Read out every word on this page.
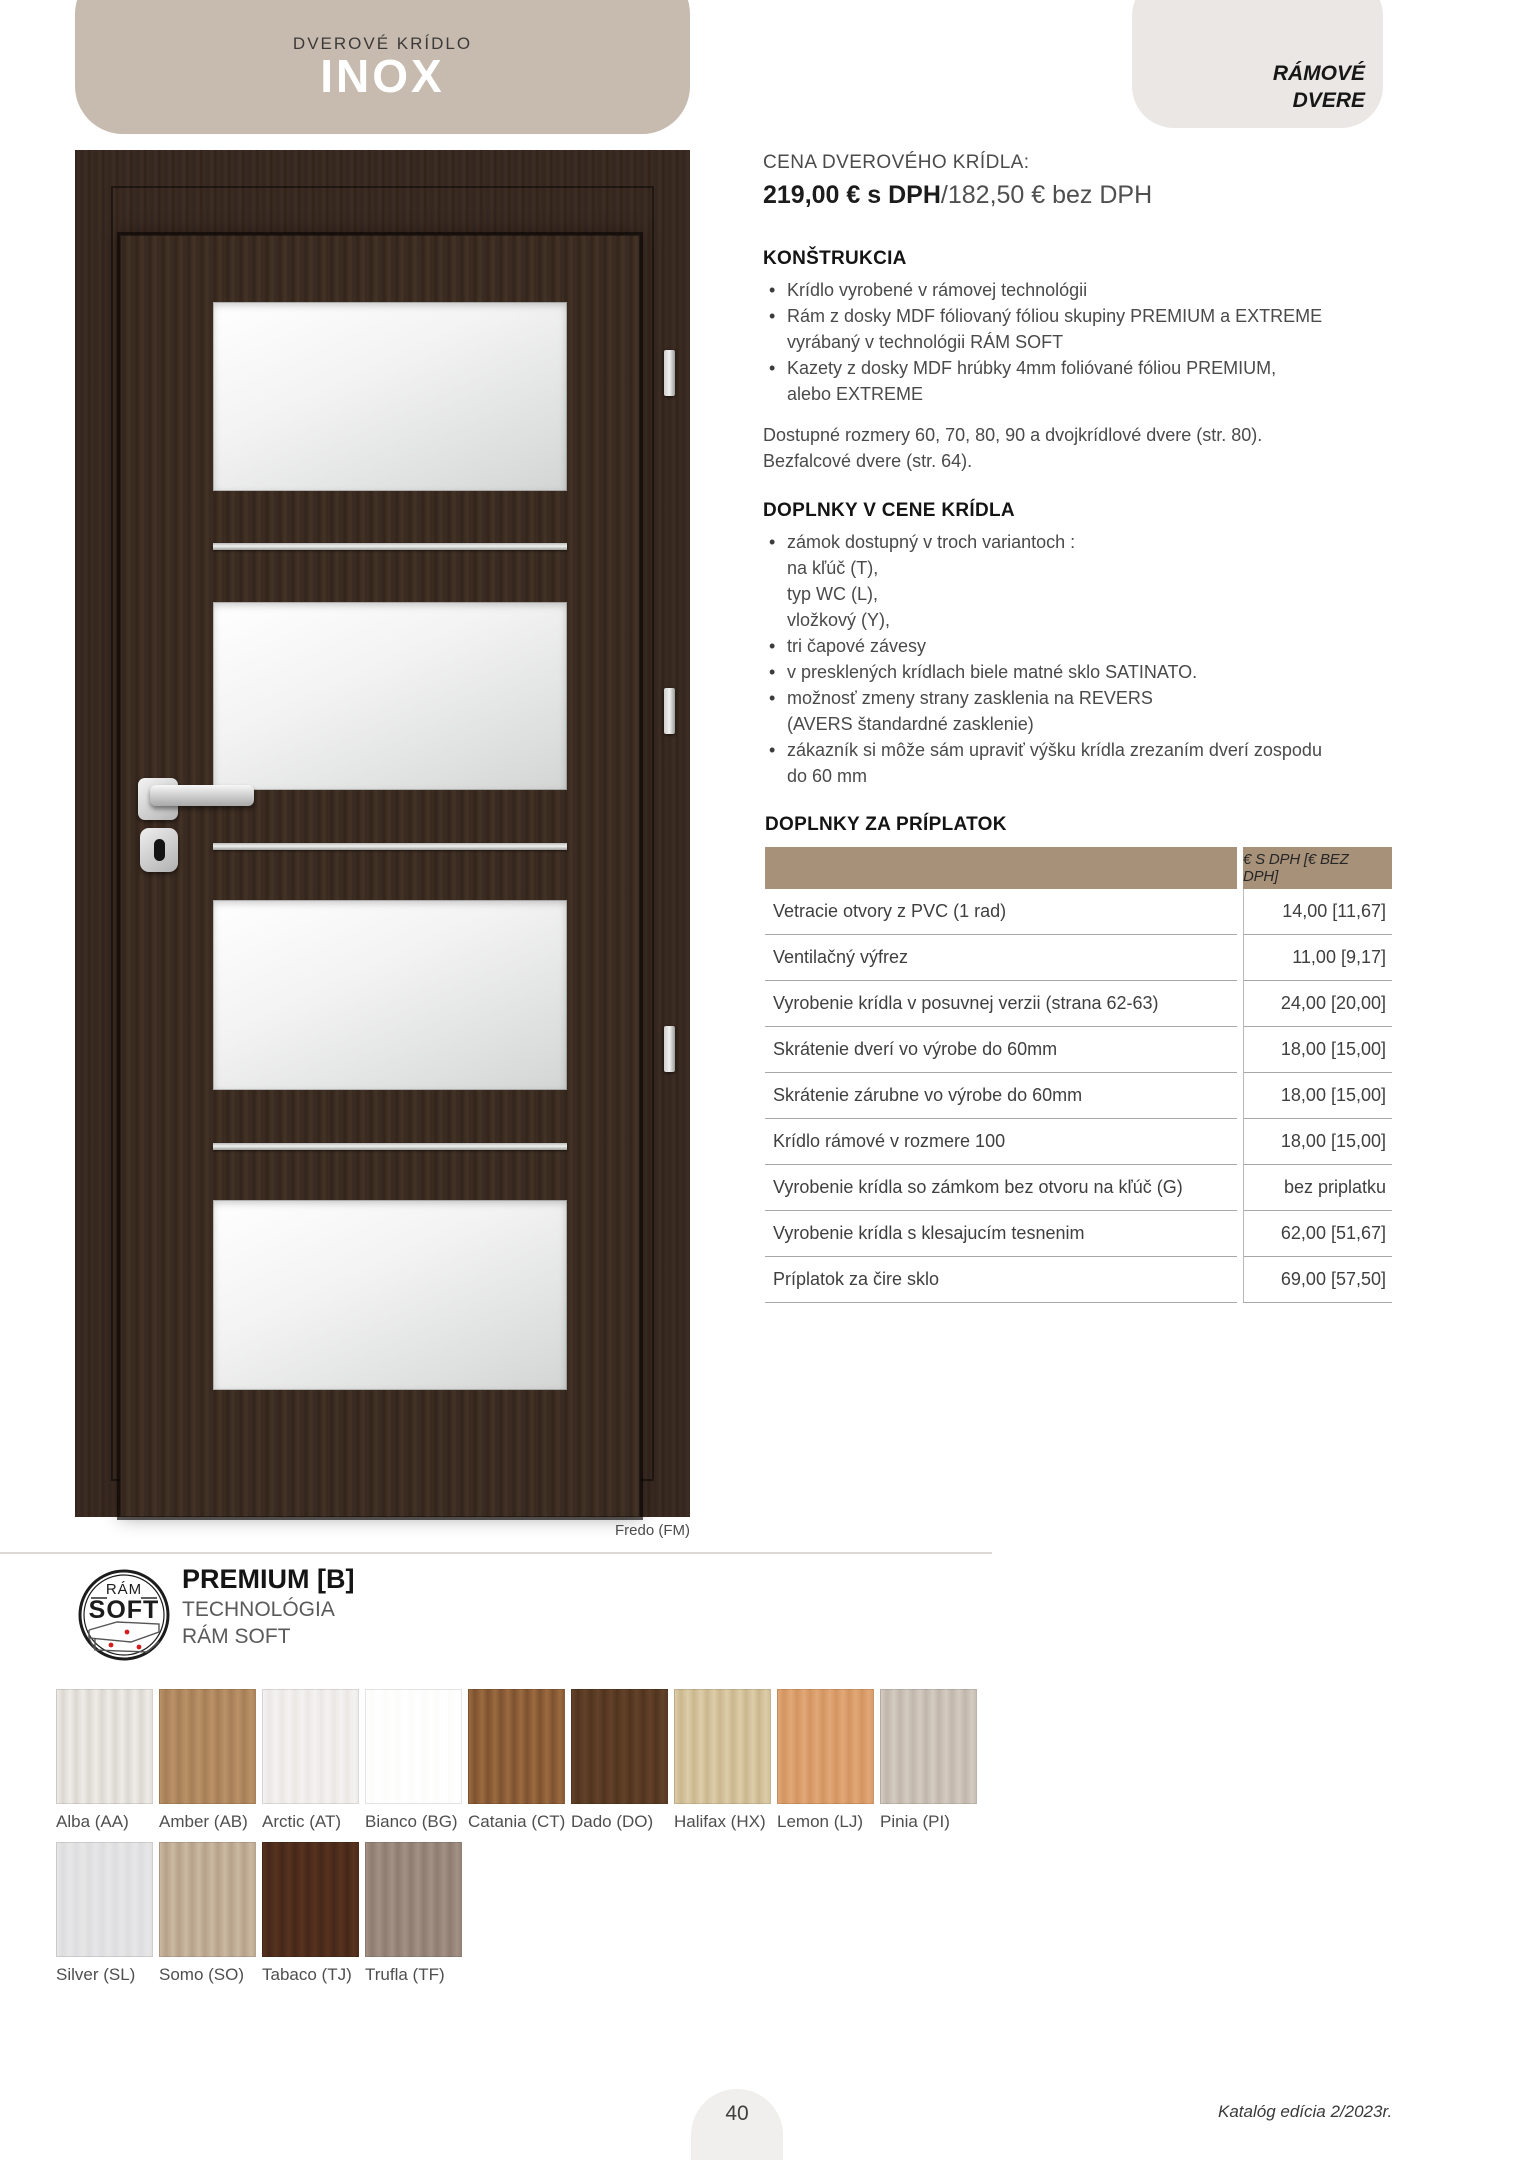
DVEROVÉ KRÍDLO
INOX	RÁMOVÉ
DVERE
Fredo (FM)
CENA DVEROVÉHO KRÍDLA:
219,00 € s DPH/182,50 € bez DPH
KONŠTRUKCIA
• Krídlo vyrobené v rámovej technológii
• Rám z dosky MDF fóliovaný fóliou skupiny PREMIUM a EXTREME
vyrábaný v technológii RÁM SOFT
• Kazety z dosky MDF hrúbky 4mm folióvané fóliou PREMIUM,
alebo EXTREME
Dostupné rozmery 60, 70, 80, 90 a dvojkrídlové dvere (str. 80).
Bezfalcové dvere (str. 64).
DOPLNKY V CENE KRÍDLA
• zámok dostupný v troch variantoch :
na kľúč (T),
typ WC (L),
vložkový (Y),
• tri čapové závesy
• v presklených krídlach biele matné sklo SATINATO.
• možnosť zmeny strany zasklenia na REVERS
(AVERS štandardné zasklenie)
• zákazník si môže sám upraviť výšku krídla zrezaním dverí zospodu
do 60 mm
DOPLNKY ZA PRÍPLATOK
€ S DPH [€ BEZ DPH]
Vetracie otvory z PVC (1 rad)	14,00 [11,67]
Ventilačný výfrez	11,00 [9,17]
Vyrobenie krídla v posuvnej verzii (strana 62-63)	24,00 [20,00]
Skrátenie dverí vo výrobe do 60mm	18,00 [15,00]
Skrátenie zárubne vo výrobe do 60mm	18,00 [15,00]
Krídlo rámové v rozmere 100	18,00 [15,00]
Vyrobenie krídla so zámkom bez otvoru na kľúč (G)	bez priplatku
Vyrobenie krídla s klesajucím tesnenim	62,00 [51,67]
Príplatok za čire sklo	69,00 [57,50]
RÁM
SOFT
PREMIUM [B]
TECHNOLÓGIA
RÁM SOFT
Alba (AA)	Amber (AB) Arctic (AT)	Bianco (BG) Catania (CT) Dado (DO)	Halifax (HX) Lemon (LJ)	Pinia (PI)
Silver (SL)	Somo (SO)	Tabaco (TJ) Trufla (TF)
40	Katalóg edícia 2/2023r.
